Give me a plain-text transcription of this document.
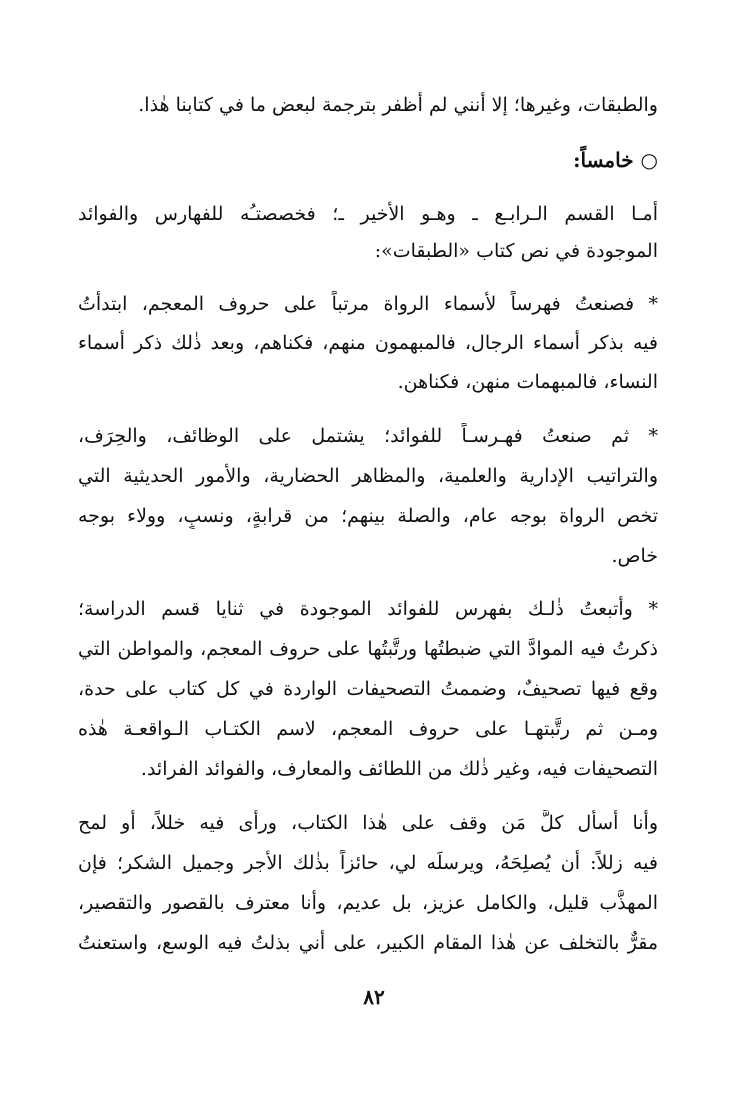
والطبقات، وغيرها؛ إلا أنني لم أظفر بترجمة لبعض ما في كتابنا هٰذا.
○ خامساً:
أمـا القسم الـرابـع ـ وهـو الأخير ـ؛ فخصصتـُه للفهارس والفوائد
الموجودة في نص كتاب «الطبقات»:
* فصنعتُ فهرساً لأسماء الرواة مرتباً على حروف المعجم، ابتدأتُ
فيه بذكر أسماء الرجال، فالمبهمون منهم، فكناهم، وبعد ذٰلك ذكر أسماء
النساء، فالمبهمات منهن، فكناهن.
* ثم صنعتُ فهـرسـاً للفوائد؛ يشتمل على الوظائف، والحِرَف،
والتراتيب الإدارية والعلمية، والمظاهر الحضارية، والأمور الحديثية التي
تخص الرواة بوجه عام، والصلة بينهم؛ من قرابةٍ، ونسبٍ، وولاء بوجه
خاص.
* وأتبعتُ ذٰلـك بفهرس للفوائد الموجودة في ثنايا قسم الدراسة؛
ذكرتُ فيه الموادَّ التي ضبطتُها ورتَّبتُها على حروف المعجم، والمواطن التي
وقع فيها تصحيفٌ، وضممتُ التصحيفات الواردة في كل كتاب على حدة،
ومـن ثم رتَّبتهـا على حروف المعجم، لاسم الكتـاب الـواقعـة هٰذه
التصحيفات فيه، وغير ذٰلك من اللطائف والمعارف، والفوائد الفرائد.
وأنا أسأل كلَّ مَن وقف على هٰذا الكتاب، ورأى فيه خللاً، أو لمح
فيه زللاً: أن يُصلِحَهُ، ويرسلَه لي، حائزاً بذٰلك الأجر وجميل الشكر؛ فإن
المهذَّب قليل، والكامل عزيز، بل عديم، وأنا معترف بالقصور والتقصير،
مقرٌّ بالتخلف عن هٰذا المقام الكبير، على أني بذلتُ فيه الوسع، واستعنتُ
٨٢
